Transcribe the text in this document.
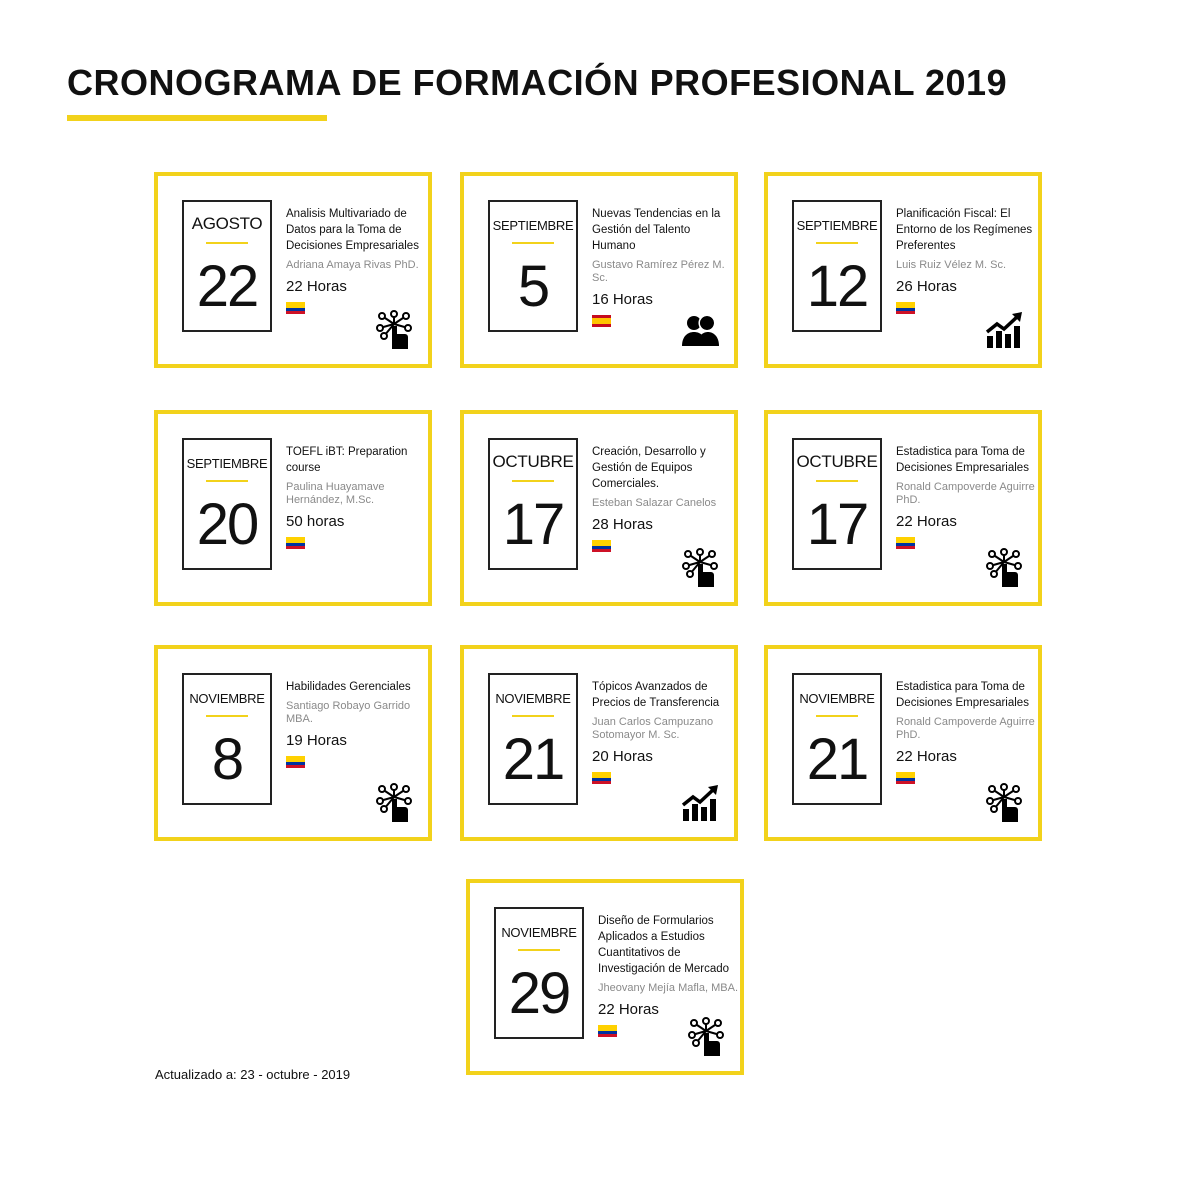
CRONOGRAMA DE FORMACIÓN PROFESIONAL 2019
AGOSTO
22
Analisis Multivariado de Datos para la Toma de Decisiones Empresariales
Adriana Amaya Rivas PhD.
22 Horas
SEPTIEMBRE
5
Nuevas Tendencias en la Gestión del Talento Humano
Gustavo Ramírez Pérez M. Sc.
16 Horas
SEPTIEMBRE
12
Planificación Fiscal: El Entorno de los Regímenes Preferentes
Luis Ruiz Vélez M. Sc.
26 Horas
SEPTIEMBRE
20
TOEFL iBT: Preparation course
Paulina Huayamave Hernández, M.Sc.
50 horas
OCTUBRE
17
Creación, Desarrollo y Gestión de Equipos Comerciales.
Esteban Salazar Canelos
28 Horas
OCTUBRE
17
Estadistica para Toma de Decisiones Empresariales
Ronald Campoverde Aguirre PhD.
22 Horas
NOVIEMBRE
8
Habilidades Gerenciales
Santiago Robayo Garrido MBA.
19 Horas
NOVIEMBRE
21
Tópicos Avanzados de Precios de Transferencia
Juan Carlos Campuzano Sotomayor M. Sc.
20 Horas
NOVIEMBRE
21
Estadistica para Toma de Decisiones Empresariales
Ronald Campoverde Aguirre PhD.
22 Horas
NOVIEMBRE
29
Diseño de Formularios Aplicados a Estudios Cuantitativos de Investigación de Mercado
Jheovany Mejía Mafla, MBA.
22 Horas
Actualizado a: 23 - octubre - 2019
